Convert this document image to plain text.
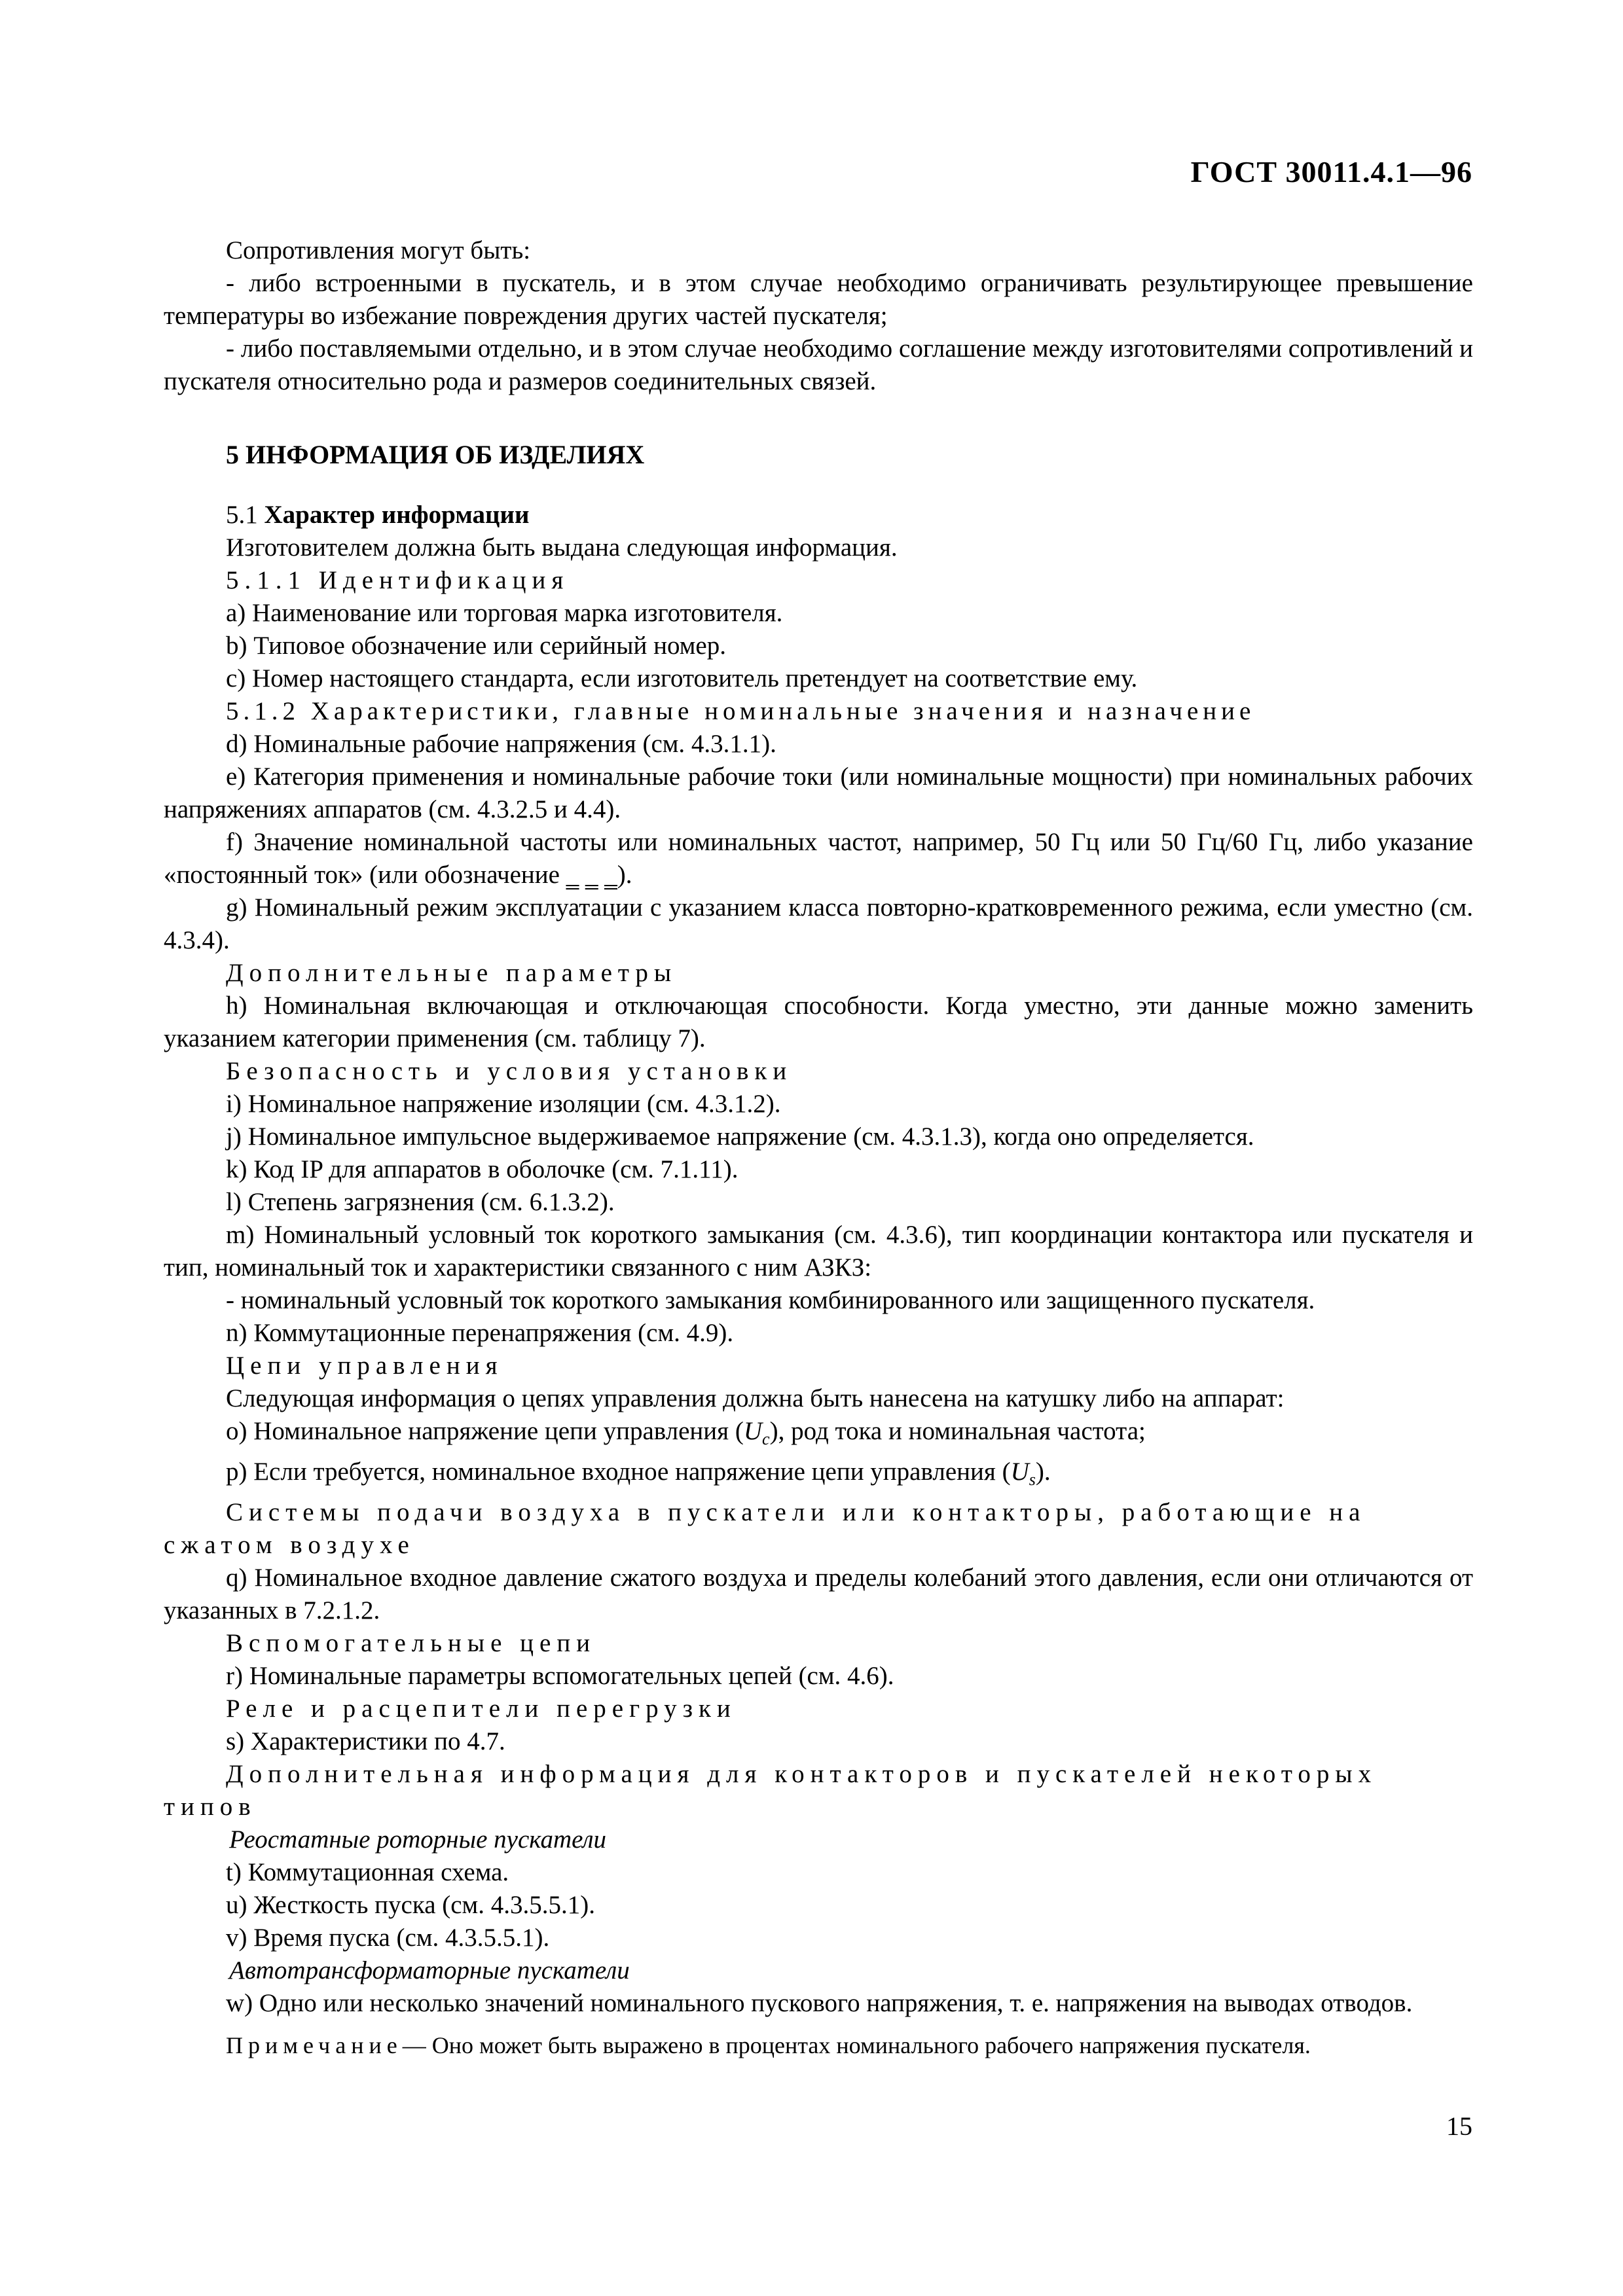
ГОСТ 30011.4.1—96
Сопротивления могут быть:
- либо встроенными в пускатель, и в этом случае необходимо ограничивать результирующее превышение температуры во избежание повреждения других частей пускателя;
- либо поставляемыми отдельно, и в этом случае необходимо соглашение между изготовителями сопротивлений и пускателя относительно рода и размеров соединительных связей.
5 ИНФОРМАЦИЯ ОБ ИЗДЕЛИЯХ
5.1 Характер информации
Изготовителем должна быть выдана следующая информация.
5.1.1 Идентификация
a) Наименование или торговая марка изготовителя.
b) Типовое обозначение или серийный номер.
c) Номер настоящего стандарта, если изготовитель претендует на соответствие ему.
5.1.2 Характеристики, главные номинальные значения и назначение
d) Номинальные рабочие напряжения (см. 4.3.1.1).
e) Категория применения и номинальные рабочие токи (или номинальные мощности) при номинальных рабочих напряжениях аппаратов (см. 4.3.2.5 и 4.4).
f) Значение номинальной частоты или номинальных частот, например, 50 Гц или 50 Гц/60 Гц, либо указание «постоянный ток» (или обозначение ‗ ‗ ‗).
g) Номинальный режим эксплуатации с указанием класса повторно-кратковременного режима, если уместно (см. 4.3.4).
Дополнительные параметры
h) Номинальная включающая и отключающая способности. Когда уместно, эти данные можно заменить указанием категории применения (см. таблицу 7).
Безопасность и условия установки
i) Номинальное напряжение изоляции (см. 4.3.1.2).
j) Номинальное импульсное выдерживаемое напряжение (см. 4.3.1.3), когда оно определяется.
k) Код IP для аппаратов в оболочке (см. 7.1.11).
l) Степень загрязнения (см. 6.1.3.2).
m) Номинальный условный ток короткого замыкания (см. 4.3.6), тип координации контактора или пускателя и тип, номинальный ток и характеристики связанного с ним АЗКЗ:
- номинальный условный ток короткого замыкания комбинированного или защищенного пускателя.
n) Коммутационные перенапряжения (см. 4.9).
Цепи управления
Следующая информация о цепях управления должна быть нанесена на катушку либо на аппарат:
o) Номинальное напряжение цепи управления $(U_c)$, род тока и номинальная частота;
p) Если требуется, номинальное входное напряжение цепи управления $(U_s)$.
Системы подачи воздуха в пускатели или контакторы, работающие на сжатом воздухе
q) Номинальное входное давление сжатого воздуха и пределы колебаний этого давления, если они отличаются от указанных в 7.2.1.2.
Вспомогательные цепи
r) Номинальные параметры вспомогательных цепей (см. 4.6).
Реле и расцепители перегрузки
s) Характеристики по 4.7.
Дополнительная информация для контакторов и пускателей некоторых типов
Реостатные роторные пускатели
t) Коммутационная схема.
u) Жесткость пуска (см. 4.3.5.5.1).
v) Время пуска (см. 4.3.5.5.1).
Автотрансформаторные пускатели
w) Одно или несколько значений номинального пускового напряжения, т. е. напряжения на выводах отводов.
Примечание— Оно может быть выражено в процентах номинального рабочего напряжения пускателя.
15
